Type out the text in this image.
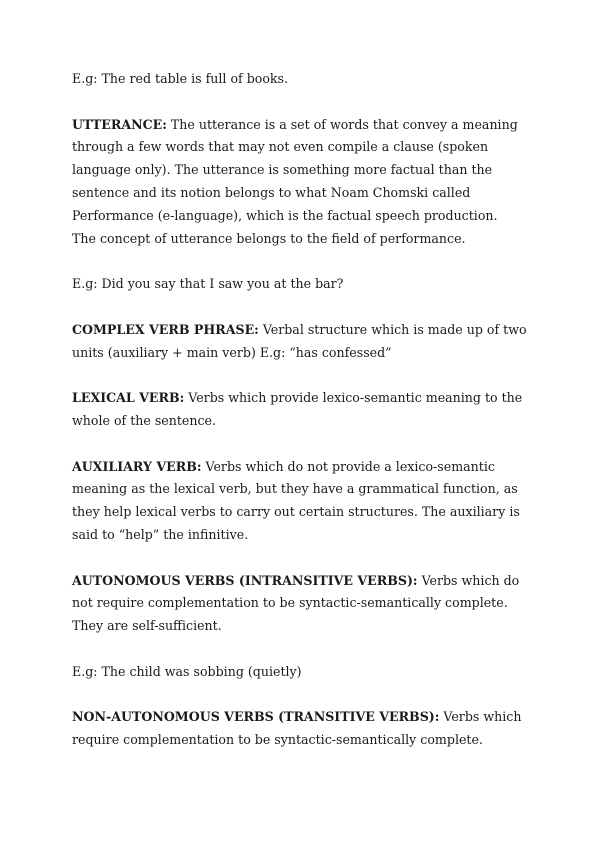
E.g: The red table is full of books.

UTTERANCE: The utterance is a set of words that convey a meaning through a few words that may not even compile a clause (spoken language only). The utterance is something more factual than the sentence and its notion belongs to what Noam Chomski called Performance (e-language), which is the factual speech production.
The concept of utterance belongs to the field of performance.

E.g: Did you say that I saw you at the bar?

COMPLEX VERB PHRASE: Verbal structure which is made up of two units (auxiliary + main verb) E.g: “has confessed”

LEXICAL VERB: Verbs which provide lexico-semantic meaning to the whole of the sentence.

AUXILIARY VERB: Verbs which do not provide a lexico-semantic meaning as the lexical verb, but they have a grammatical function, as they help lexical verbs to carry out certain structures. The auxiliary is said to “help” the infinitive.

AUTONOMOUS VERBS (INTRANSITIVE VERBS): Verbs which do not require complementation to be syntactic-semantically complete. They are self-sufficient.

E.g: The child was sobbing (quietly)

NON-AUTONOMOUS VERBS (TRANSITIVE VERBS): Verbs which require complementation to be syntactic-semantically complete.
